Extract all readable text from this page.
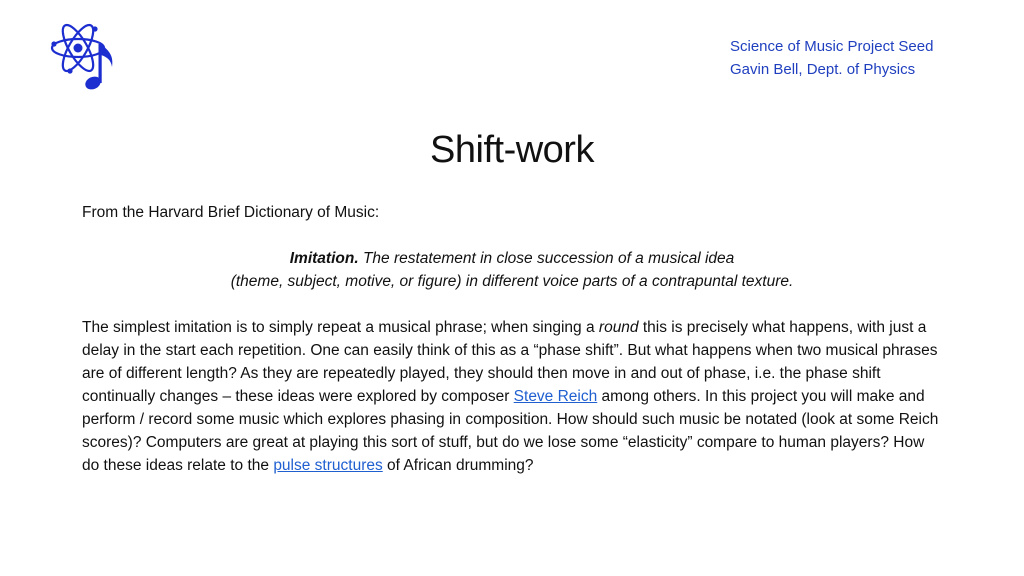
Science of Music Project Seed
Gavin Bell, Dept. of Physics
Shift-work
From the Harvard Brief Dictionary of Music:
Imitation. The restatement in close succession of a musical idea
(theme, subject, motive, or figure) in different voice parts of a contrapuntal texture.
The simplest imitation is to simply repeat a musical phrase; when singing a round this is precisely what happens, with just a delay in the start each repetition. One can easily think of this as a “phase shift”. But what happens when two musical phrases are of different length? As they are repeatedly played, they should then move in and out of phase, i.e. the phase shift continually changes – these ideas were explored by composer Steve Reich among others. In this project you will make and perform / record some music which explores phasing in composition. How should such music be notated (look at some Reich scores)? Computers are great at playing this sort of stuff, but do we lose some “elasticity” compare to human players? How do these ideas relate to the pulse structures of African drumming?
